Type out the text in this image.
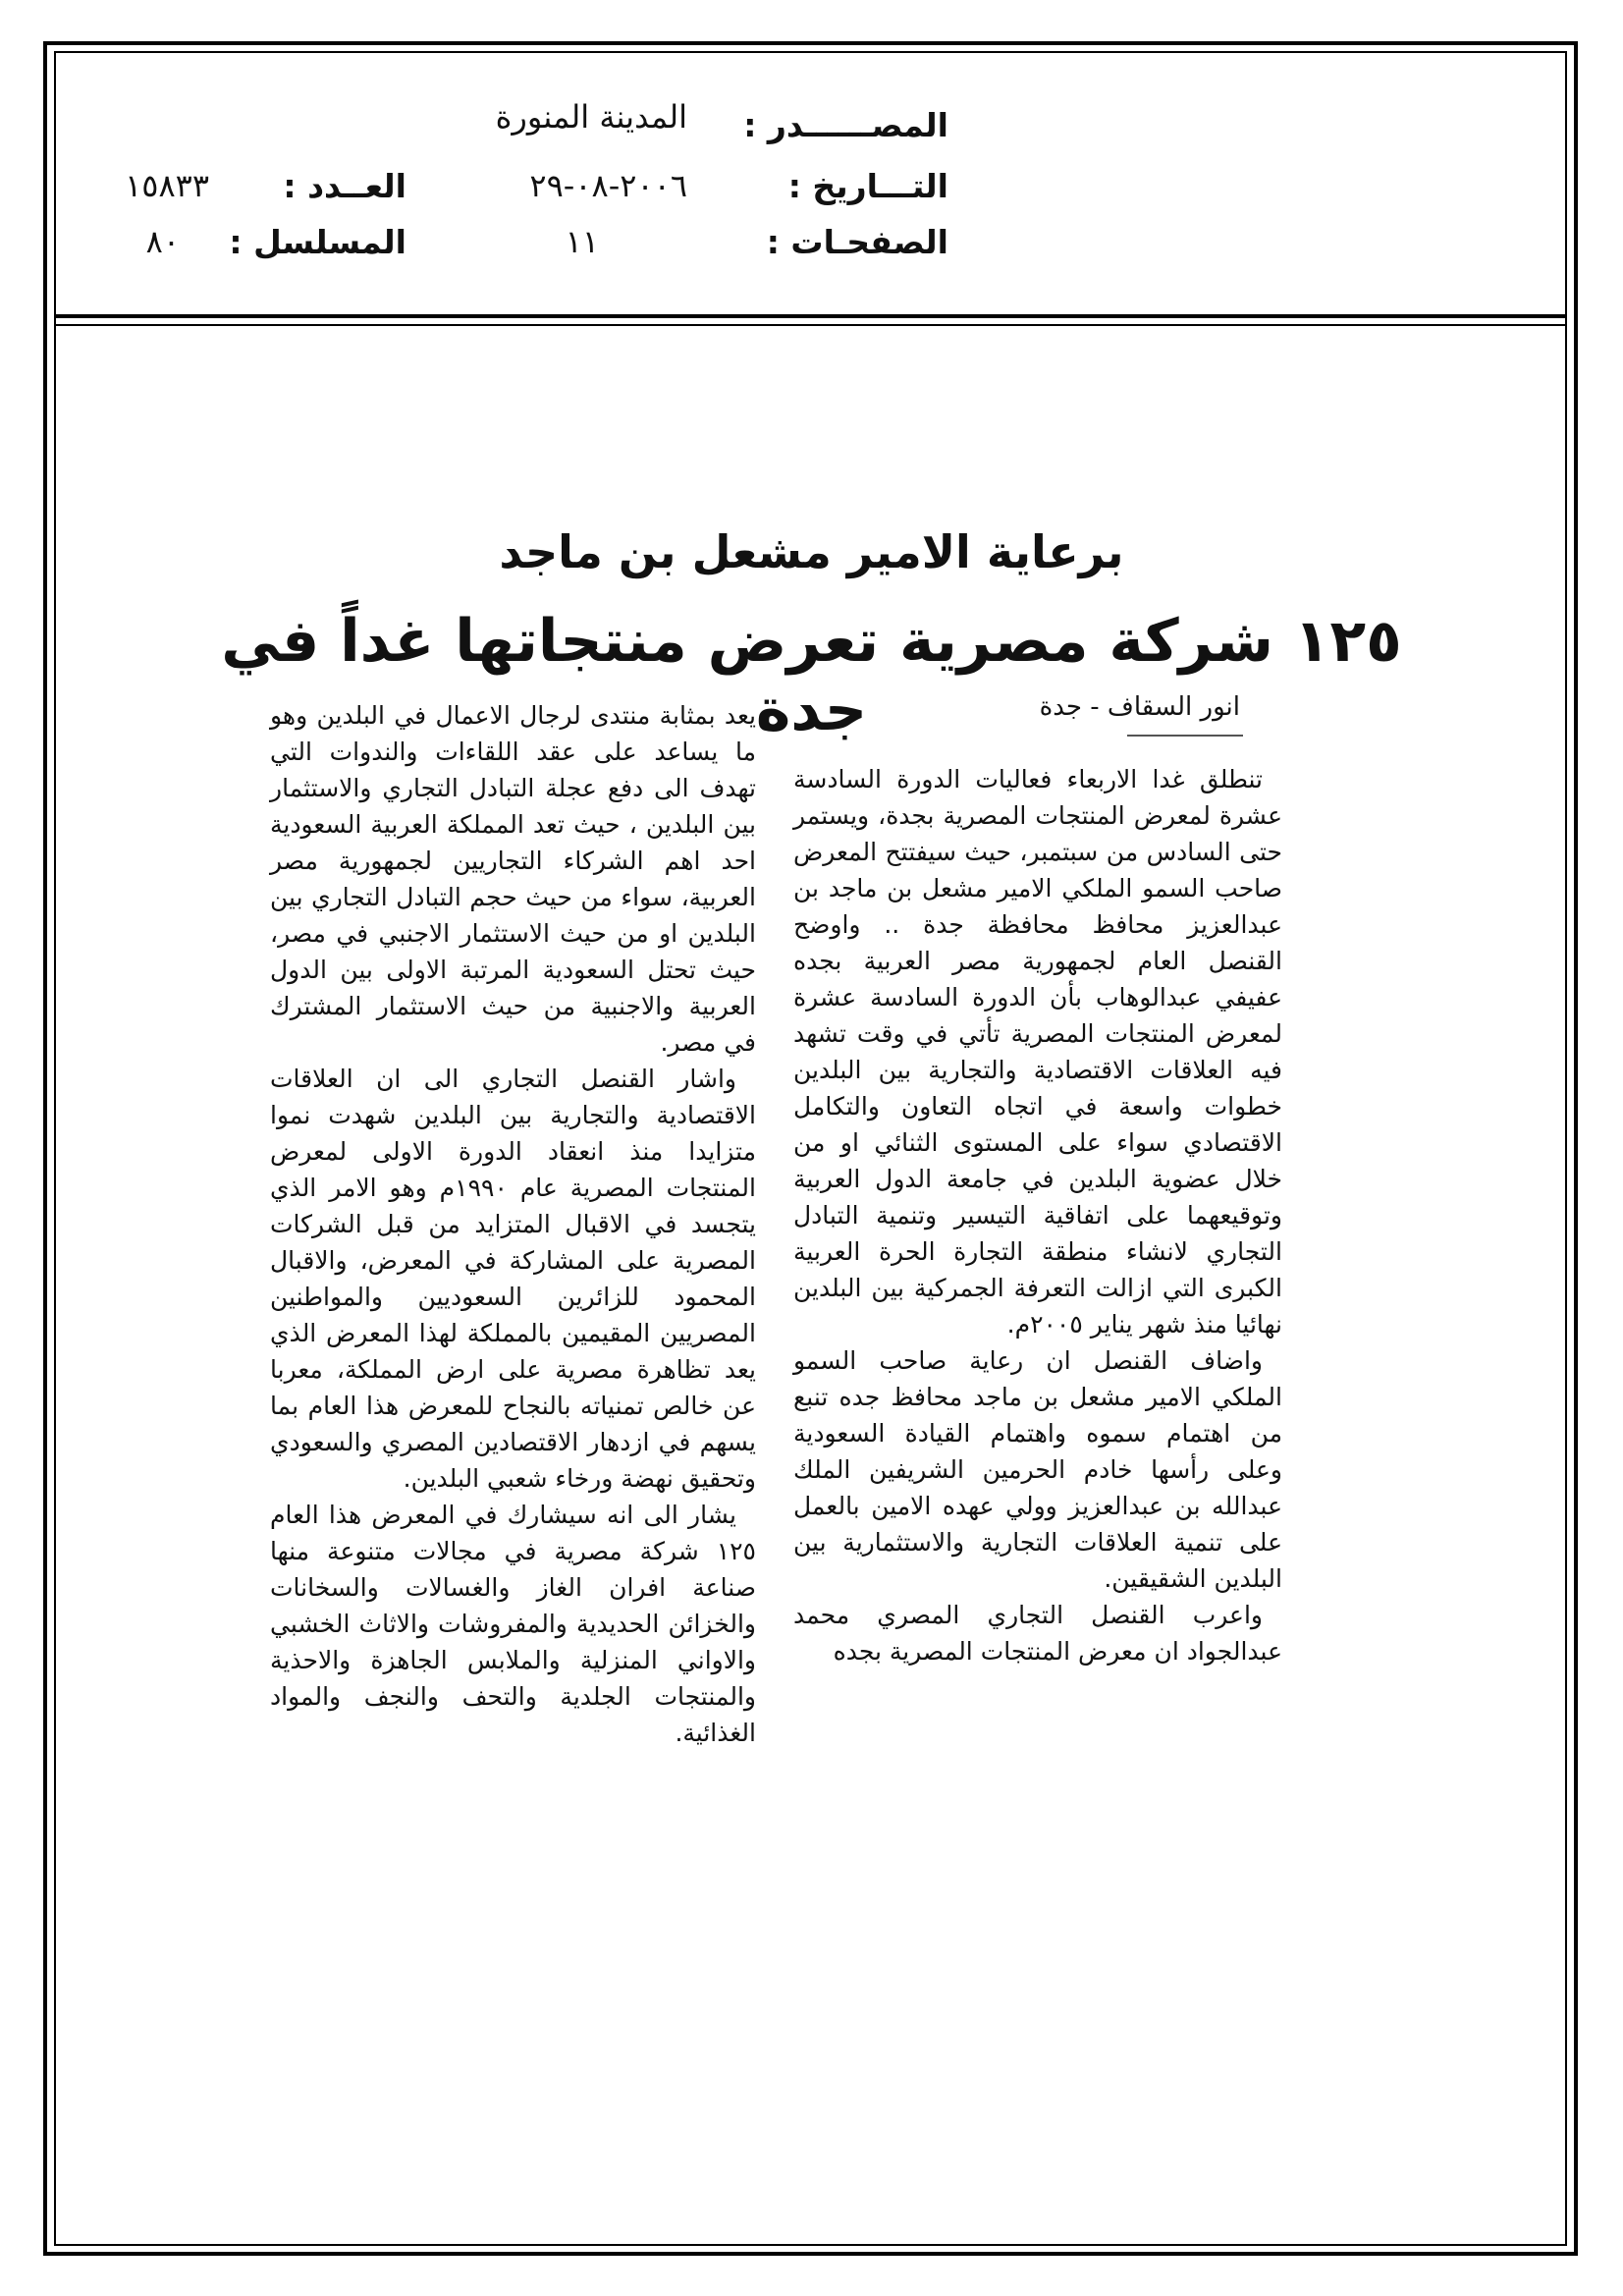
المصــــــدر :
المدينة المنورة
التـــاريخ :
٢٠٠٦-٠٨-٢٩
العــدد :
١٥٨٣٣
الصفحـات :
١١
المسلسل :
٨٠
برعاية الامير مشعل بن ماجد
١٢٥ شركة مصرية تعرض منتجاتها غداً في جدة	انور السقاف - جدة

تنطلق غدا الاربعاء فعاليات الدورة السادسة عشرة لمعرض المنتجات المصرية بجدة، ويستمر حتى السادس من سبتمبر، حيث سيفتتح المعرض صاحب السمو الملكي الامير مشعل بن ماجد بن عبدالعزيز محافظ محافظة جدة .. واوضح القنصل العام لجمهورية مصر العربية بجده عفيفي عبدالوهاب بأن الدورة السادسة عشرة لمعرض المنتجات المصرية تأتي في وقت تشهد فيه العلاقات الاقتصادية والتجارية بين البلدين خطوات واسعة في اتجاه التعاون والتكامل الاقتصادي سواء على المستوى الثنائي او من خلال عضوية البلدين في جامعة الدول العربية وتوقيعهما على اتفاقية التيسير وتنمية التبادل التجاري لانشاء منطقة التجارة الحرة العربية الكبرى التي ازالت التعرفة الجمركية بين البلدين نهائيا منذ شهر يناير ٢٠٠٥م.

واضاف القنصل ان رعاية صاحب السمو الملكي الامير مشعل بن ماجد محافظ جده تنبع من اهتمام سموه واهتمام القيادة السعودية وعلى رأسها خادم الحرمين الشريفين الملك عبدالله بن عبدالعزيز وولي عهده الامين بالعمل على تنمية العلاقات التجارية والاستثمارية بين البلدين الشقيقين.

واعرب القنصل التجاري المصري محمد عبدالجواد ان معرض المنتجات المصرية بجده

يعد بمثابة منتدى لرجال الاعمال في البلدين وهو ما يساعد على عقد اللقاءات والندوات التي تهدف الى دفع عجلة التبادل التجاري والاستثمار بين البلدين ، حيث تعد المملكة العربية السعودية احد اهم الشركاء التجاريين لجمهورية مصر العربية، سواء من حيث حجم التبادل التجاري بين البلدين او من حيث الاستثمار الاجنبي في مصر، حيث تحتل السعودية المرتبة الاولى بين الدول العربية والاجنبية من حيث الاستثمار المشترك في مصر.

واشار القنصل التجاري الى ان العلاقات الاقتصادية والتجارية بين البلدين شهدت نموا متزايدا منذ انعقاد الدورة الاولى لمعرض المنتجات المصرية عام ١٩٩٠م وهو الامر الذي يتجسد في الاقبال المتزايد من قبل الشركات المصرية على المشاركة في المعرض، والاقبال المحمود للزائرين السعوديين والمواطنين المصريين المقيمين بالمملكة لهذا المعرض الذي يعد تظاهرة مصرية على ارض المملكة، معربا عن خالص تمنياته بالنجاح للمعرض هذا العام بما يسهم في ازدهار الاقتصادين المصري والسعودي وتحقيق نهضة ورخاء شعبي البلدين.

يشار الى انه سيشارك في المعرض هذا العام ١٢٥ شركة مصرية في مجالات متنوعة منها صناعة افران الغاز والغسالات والسخانات والخزائن الحديدية والمفروشات والاثاث الخشبي والاواني المنزلية والملابس الجاهزة والاحذية والمنتجات الجلدية والتحف والنجف والمواد الغذائية.
